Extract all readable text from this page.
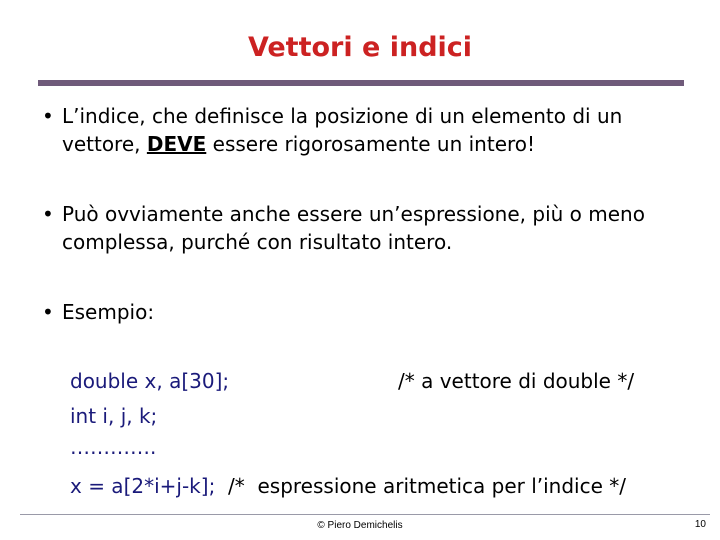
Vettori e indici
• L’indice, che definisce la posizione di un elemento di un vettore, DEVE essere rigorosamente un intero!
• Può ovviamente anche essere un’espressione, più o meno complessa, purché con risultato intero.
• Esempio:
double x, a[30];	/* a vettore di double */
int i, j, k;
………….
x = a[2*i+j-k];  /*  espressione aritmetica per l’indice */
© Piero Demichelis	10
